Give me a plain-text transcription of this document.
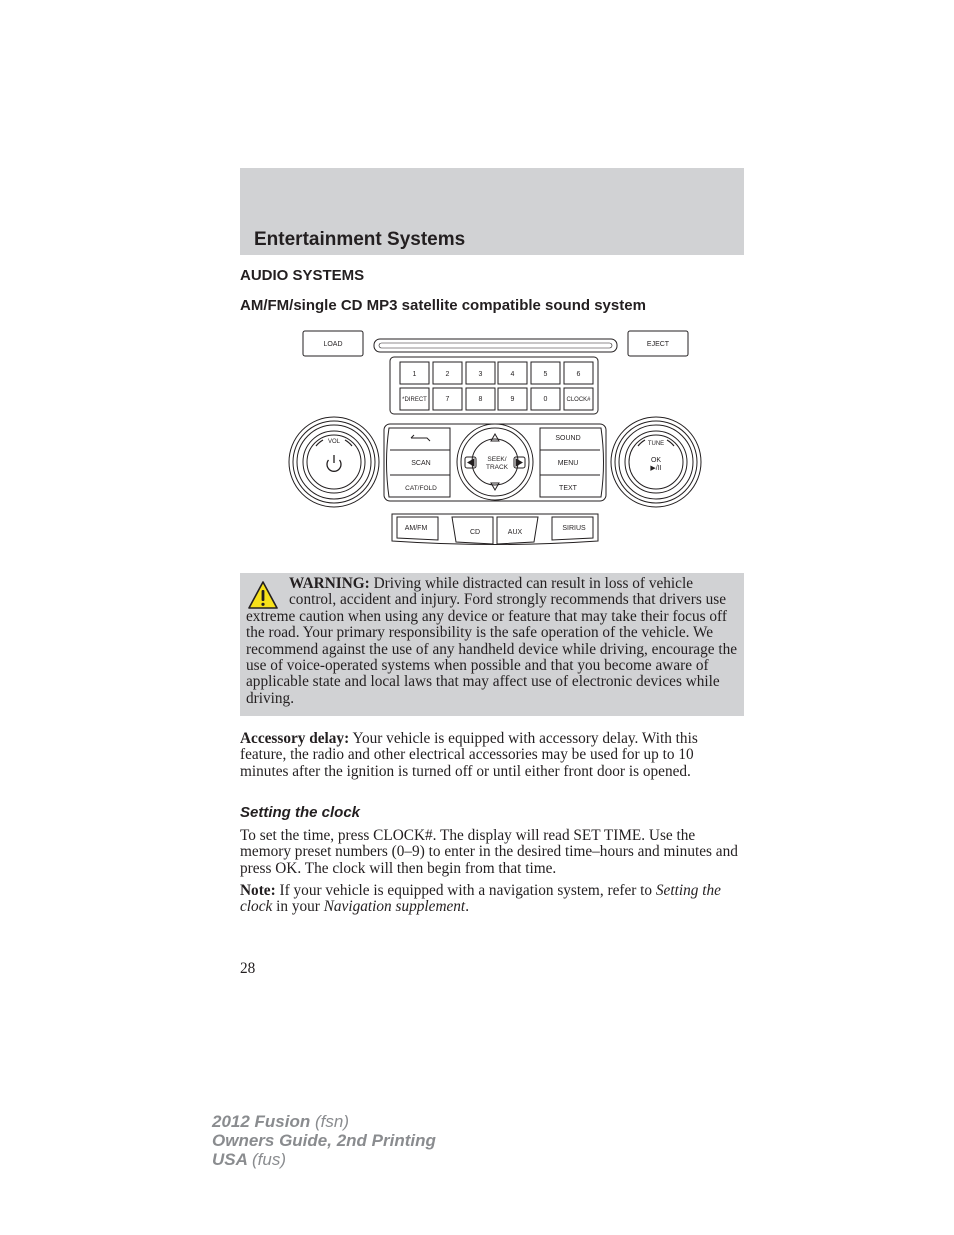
Entertainment Systems
AUDIO SYSTEMS
AM/FM/single CD MP3 satellite compatible sound system
LOAD	EJECT
1	2	3	4	5	6
*DIRECT	7	8	9	0	CLOCK#
VOL	TUNE
OK
▶/II
SCAN
CAT/FOLD
SEEK/
TRACK
SOUND
MENU
TEXT
AM/FM
CD	AUX
SIRIUS
WARNING: Driving while distracted can result in loss of vehicle control, accident and injury. Ford strongly recommends that drivers use extreme caution when using any device or feature that may take their focus off the road. Your primary responsibility is the safe operation of the vehicle. We recommend against the use of any handheld device while driving, encourage the use of voice-operated systems when possible and that you become aware of applicable state and local laws that may affect use of electronic devices while driving.
Accessory delay: Your vehicle is equipped with accessory delay. With this feature, the radio and other electrical accessories may be used for up to 10 minutes after the ignition is turned off or until either front door is opened.
Setting the clock
To set the time, press CLOCK#. The display will read SET TIME. Use the memory preset numbers (0–9) to enter in the desired time–hours and minutes and press OK. The clock will then begin from that time.
Note: If your vehicle is equipped with a navigation system, refer to Setting the clock in your Navigation supplement.
28
2012 Fusion (fsn)
Owners Guide, 2nd Printing
USA (fus)
